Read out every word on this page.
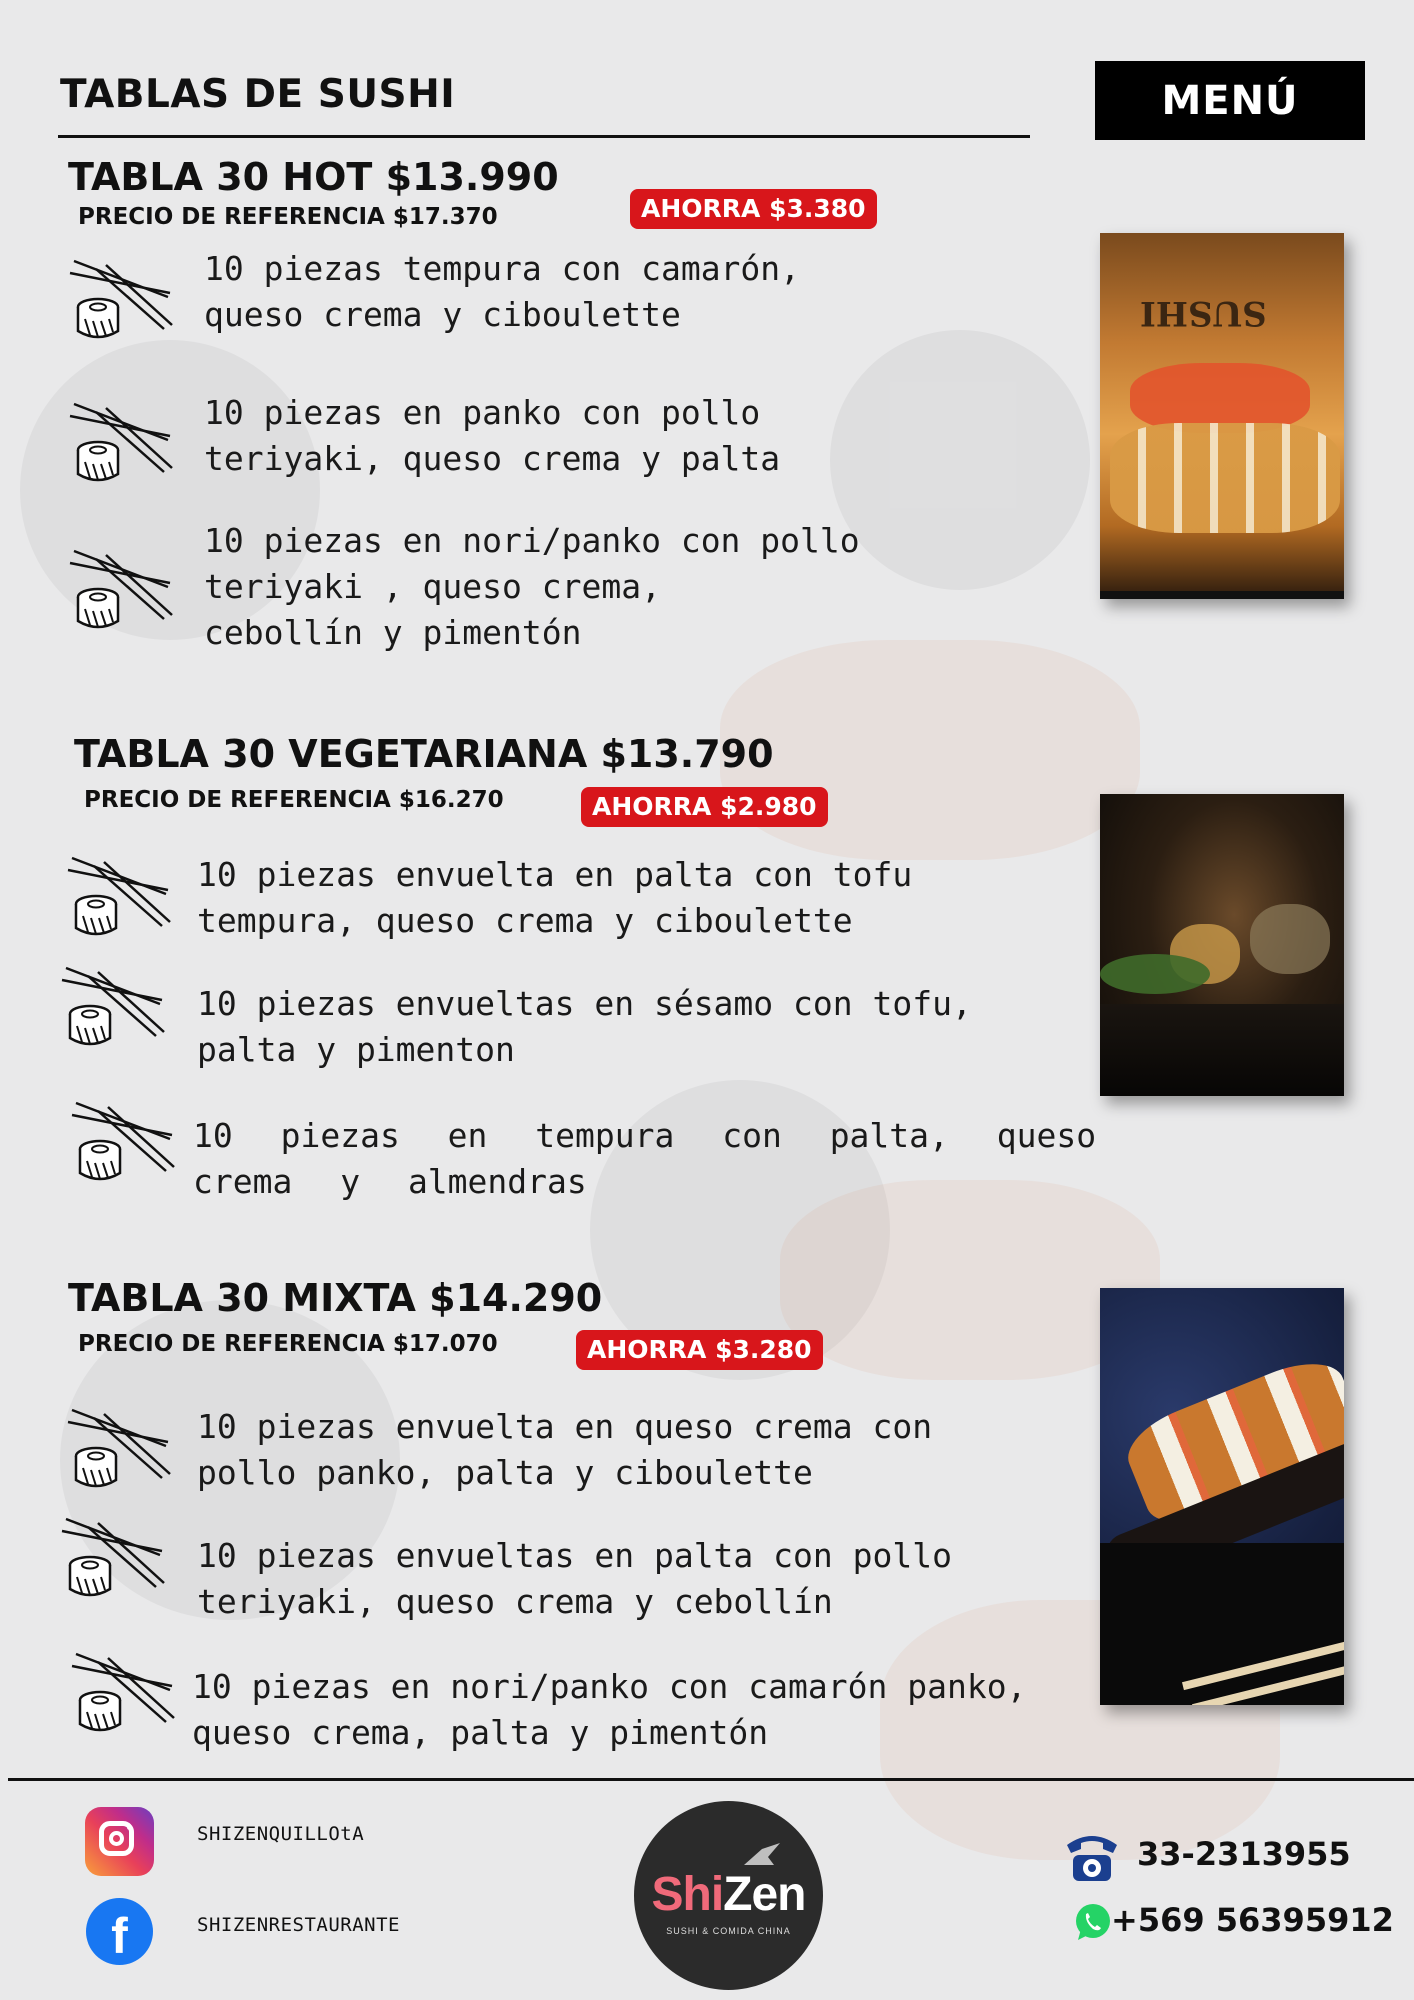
TABLAS DE SUSHI	MENÚ
TABLA 30 HOT $13.990
PRECIO DE REFERENCIA $17.370	AHORRA $3.380
10 piezas tempura con camarón,
queso crema y ciboulette
10 piezas en panko con pollo
teriyaki, queso crema y palta
10 piezas en nori/panko con pollo
teriyaki , queso crema,
cebollín y pimentón
SUSHI
TABLA 30 VEGETARIANA $13.790
PRECIO DE REFERENCIA $16.270	AHORRA $2.980
10 piezas envuelta en palta con tofu
tempura, queso crema y ciboulette
10 piezas envueltas en sésamo con tofu,
palta y pimenton
10 piezas en tempura con palta, queso
crema y almendras
TABLA 30 MIXTA $14.290
PRECIO DE REFERENCIA $17.070	AHORRA $3.280
10 piezas envuelta en queso crema con
pollo panko, palta y ciboulette
10 piezas envueltas en palta con pollo
teriyaki, queso crema y cebollín
10 piezas en nori/panko con camarón panko,
queso crema, palta y pimentón
SHIZENQUILLOtA
f	SHIZENRESTAURANTE
ShiZen
SUSHI & COMIDA CHINA
33-2313955
+569 56395912
